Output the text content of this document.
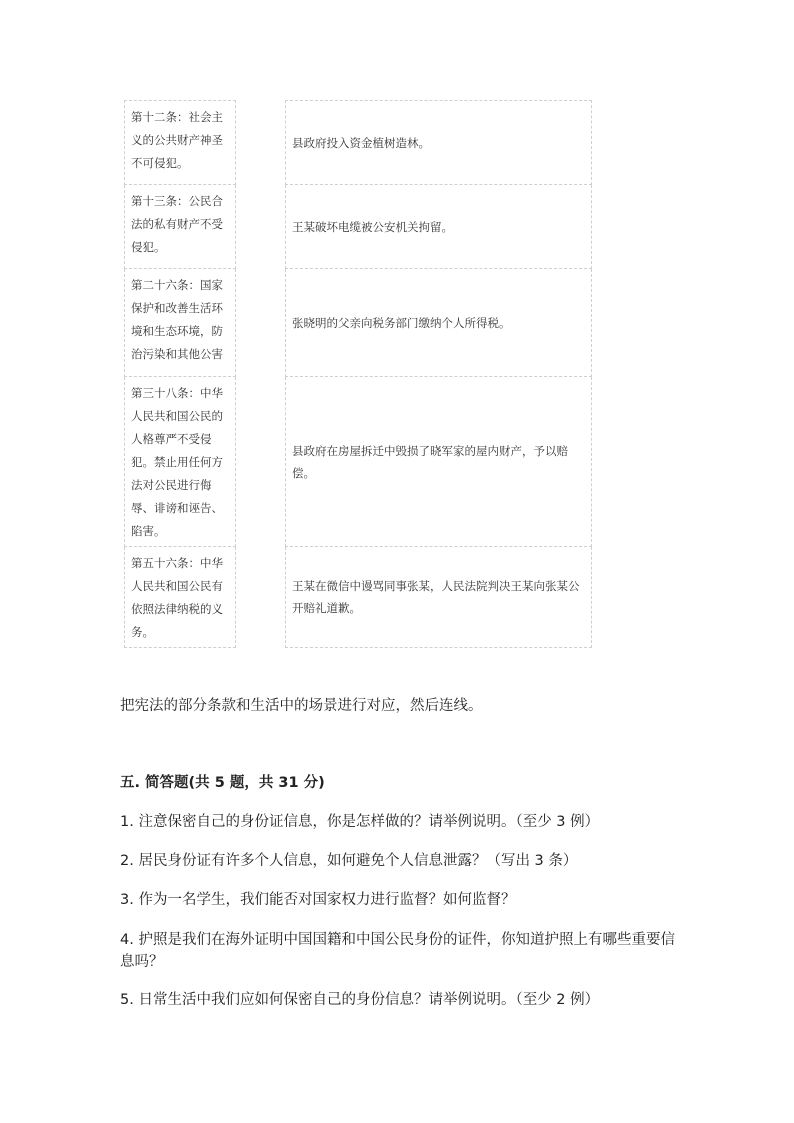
第十二条：社会主义的公共财产神圣不可侵犯。
第十三条：公民合法的私有财产不受侵犯。
第二十六条：国家保护和改善生活环境和生态环境，防治污染和其他公害
第三十八条：中华人民共和国公民的人格尊严不受侵犯。禁止用任何方法对公民进行侮辱、诽谤和诬告、陷害。
第五十六条：中华人民共和国公民有依照法律纳税的义务。
县政府投入资金植树造林。
王某破坏电缆被公安机关拘留。
张晓明的父亲向税务部门缴纳个人所得税。
县政府在房屋拆迁中毁损了晓军家的屋内财产，予以赔偿。
王某在微信中谩骂同事张某，人民法院判决王某向张某公开赔礼道歉。
把宪法的部分条款和生活中的场景进行对应，然后连线。
五. 简答题(共 5 题，共 31 分)
1. 注意保密自己的身份证信息，你是怎样做的？请举例说明。（至少 3 例）
2. 居民身份证有许多个人信息，如何避免个人信息泄露？（写出 3 条）
3. 作为一名学生，我们能否对国家权力进行监督？如何监督？
4. 护照是我们在海外证明中国国籍和中国公民身份的证件，你知道护照上有哪些重要信息吗？
5. 日常生活中我们应如何保密自己的身份信息？请举例说明。（至少 2 例）
